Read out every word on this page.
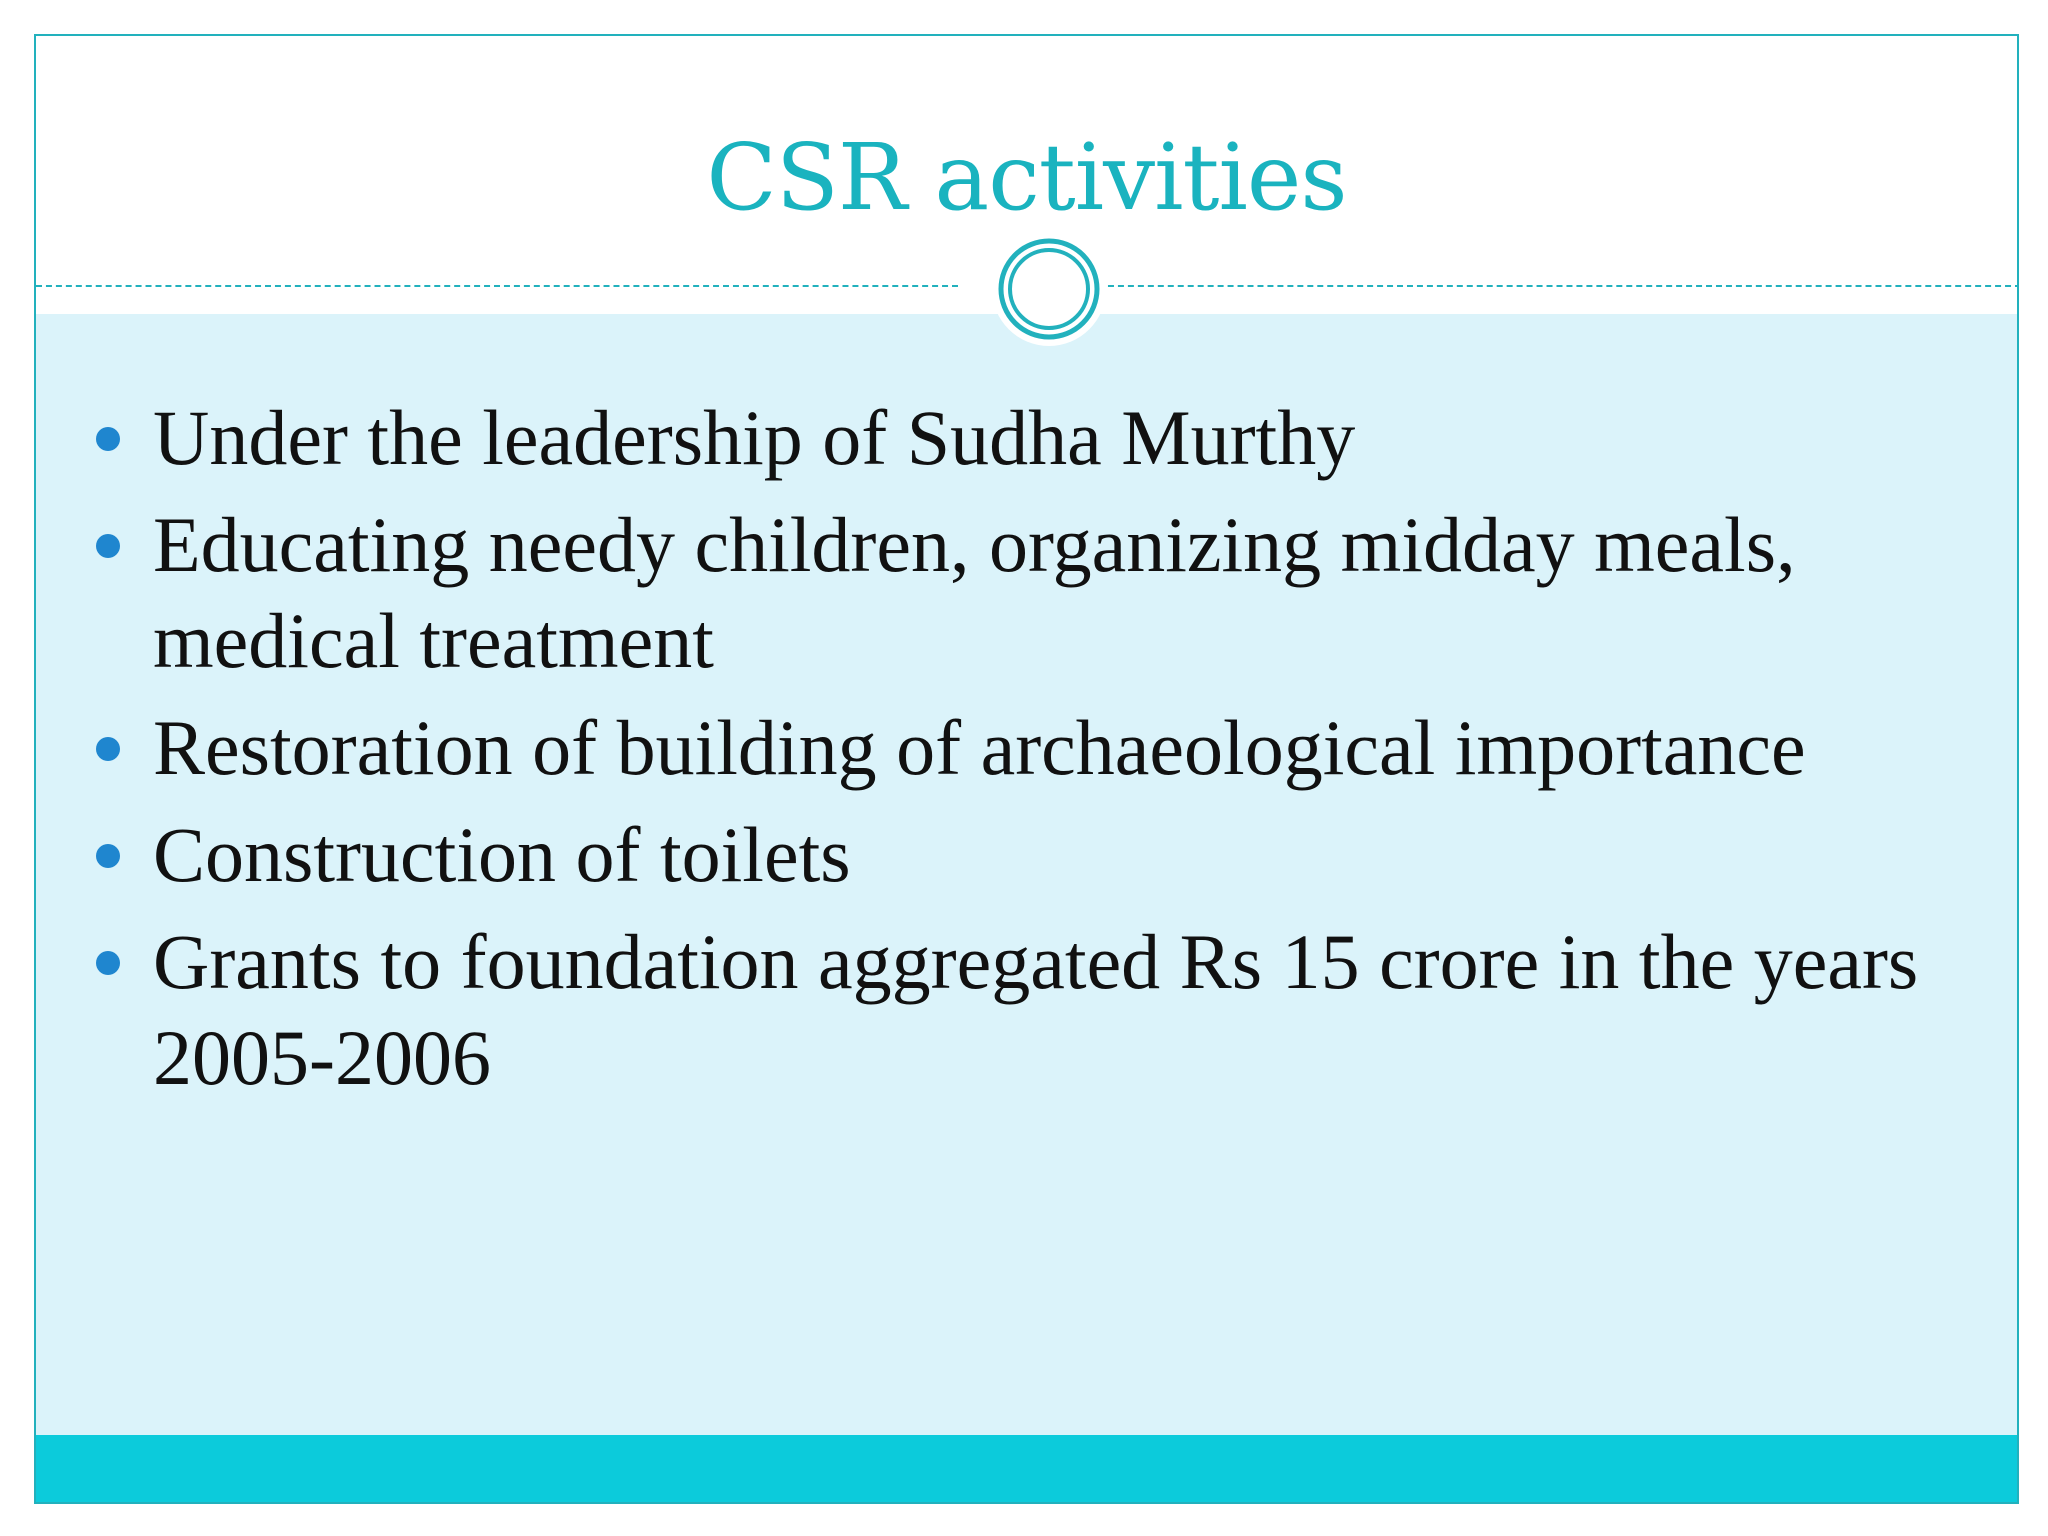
CSR activities
Under the leadership of Sudha Murthy
Educating needy children, organizing midday meals, medical treatment
Restoration of building of archaeological importance
Construction of toilets
Grants to foundation aggregated Rs 15 crore in the years 2005-2006
